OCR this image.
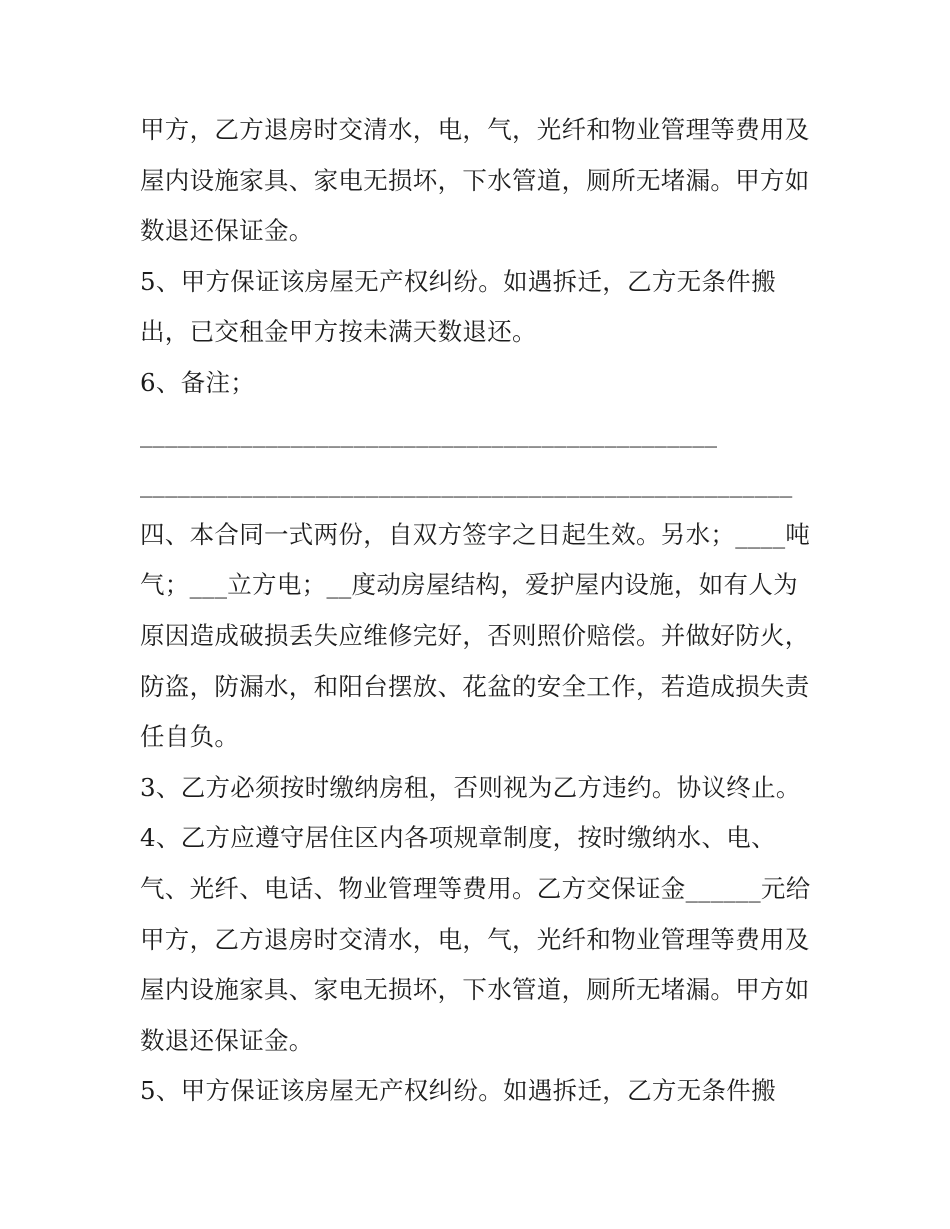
甲方，乙方退房时交清水，电，气，光纤和物业管理等费用及
屋内设施家具、家电无损坏，下水管道，厕所无堵漏。甲方如
数退还保证金。
5、甲方保证该房屋无产权纠纷。如遇拆迁，乙方无条件搬
出，已交租金甲方按未满天数退还。
6、备注；
______________________________________________
____________________________________________________
四、本合同一式两份，自双方签字之日起生效。另水；____吨
气；___立方电；__度动房屋结构，爱护屋内设施，如有人为
原因造成破损丢失应维修完好，否则照价赔偿。并做好防火，
防盗，防漏水，和阳台摆放、花盆的安全工作，若造成损失责
任自负。
3、乙方必须按时缴纳房租，否则视为乙方违约。协议终止。
4、乙方应遵守居住区内各项规章制度，按时缴纳水、电、
气、光纤、电话、物业管理等费用。乙方交保证金______元给
甲方，乙方退房时交清水，电，气，光纤和物业管理等费用及
屋内设施家具、家电无损坏，下水管道，厕所无堵漏。甲方如
数退还保证金。
5、甲方保证该房屋无产权纠纷。如遇拆迁，乙方无条件搬
